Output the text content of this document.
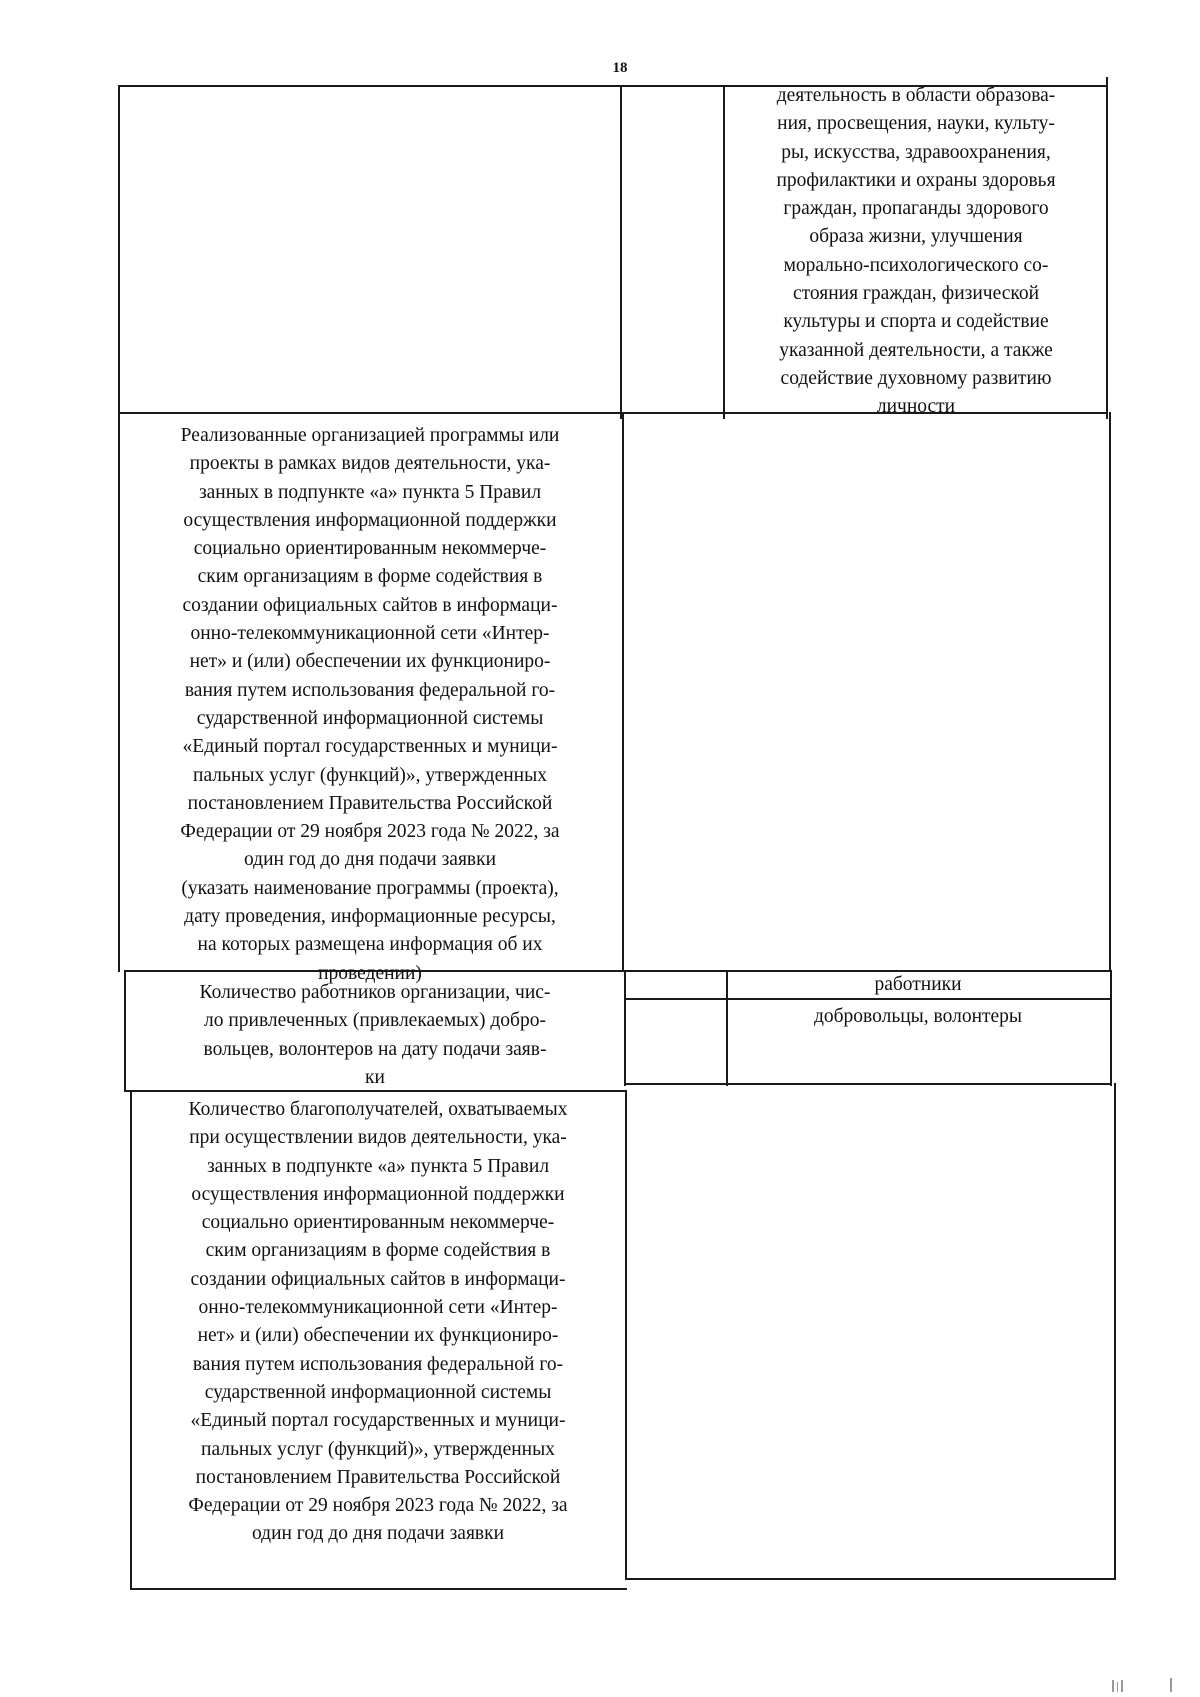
18
деятельность в области образова-
ния, просвещения, науки, культу-
ры, искусства, здравоохранения,
профилактики и охраны здоровья
граждан, пропаганды здорового
образа жизни, улучшения
морально-психологического со-
стояния граждан, физической
культуры и спорта и содействие
указанной деятельности, а также
содействие духовному развитию
личности
Реализованные организацией программы или
проекты в рамках видов деятельности, ука-
занных в подпункте «а» пункта 5 Правил
осуществления информационной поддержки
социально ориентированным некоммерче-
ским организациям в форме содействия в
создании официальных сайтов в информаци-
онно-телекоммуникационной сети «Интер-
нет» и (или) обеспечении их функциониро-
вания путем использования федеральной го-
сударственной информационной системы
«Единый портал государственных и муници-
пальных услуг (функций)», утвержденных
постановлением Правительства Российской
Федерации от 29 ноября 2023 года № 2022, за
один год до дня подачи заявки
(указать наименование программы (проекта),
дату проведения, информационные ресурсы,
на которых размещена информация об их
проведении)
Количество работников организации, чис-
ло привлеченных (привлекаемых) добро-
вольцев, волонтеров на дату подачи заяв-
ки
работники
добровольцы, волонтеры
Количество благополучателей, охватываемых
при осуществлении видов деятельности, ука-
занных в подпункте «а» пункта 5 Правил
осуществления информационной поддержки
социально ориентированным некоммерче-
ским организациям в форме содействия в
создании официальных сайтов в информаци-
онно-телекоммуникационной сети «Интер-
нет» и (или) обеспечении их функциониро-
вания путем использования федеральной го-
сударственной информационной системы
«Единый портал государственных и муници-
пальных услуг (функций)», утвержденных
постановлением Правительства Российской
Федерации от 29 ноября 2023 года № 2022, за
один год до дня подачи заявки
